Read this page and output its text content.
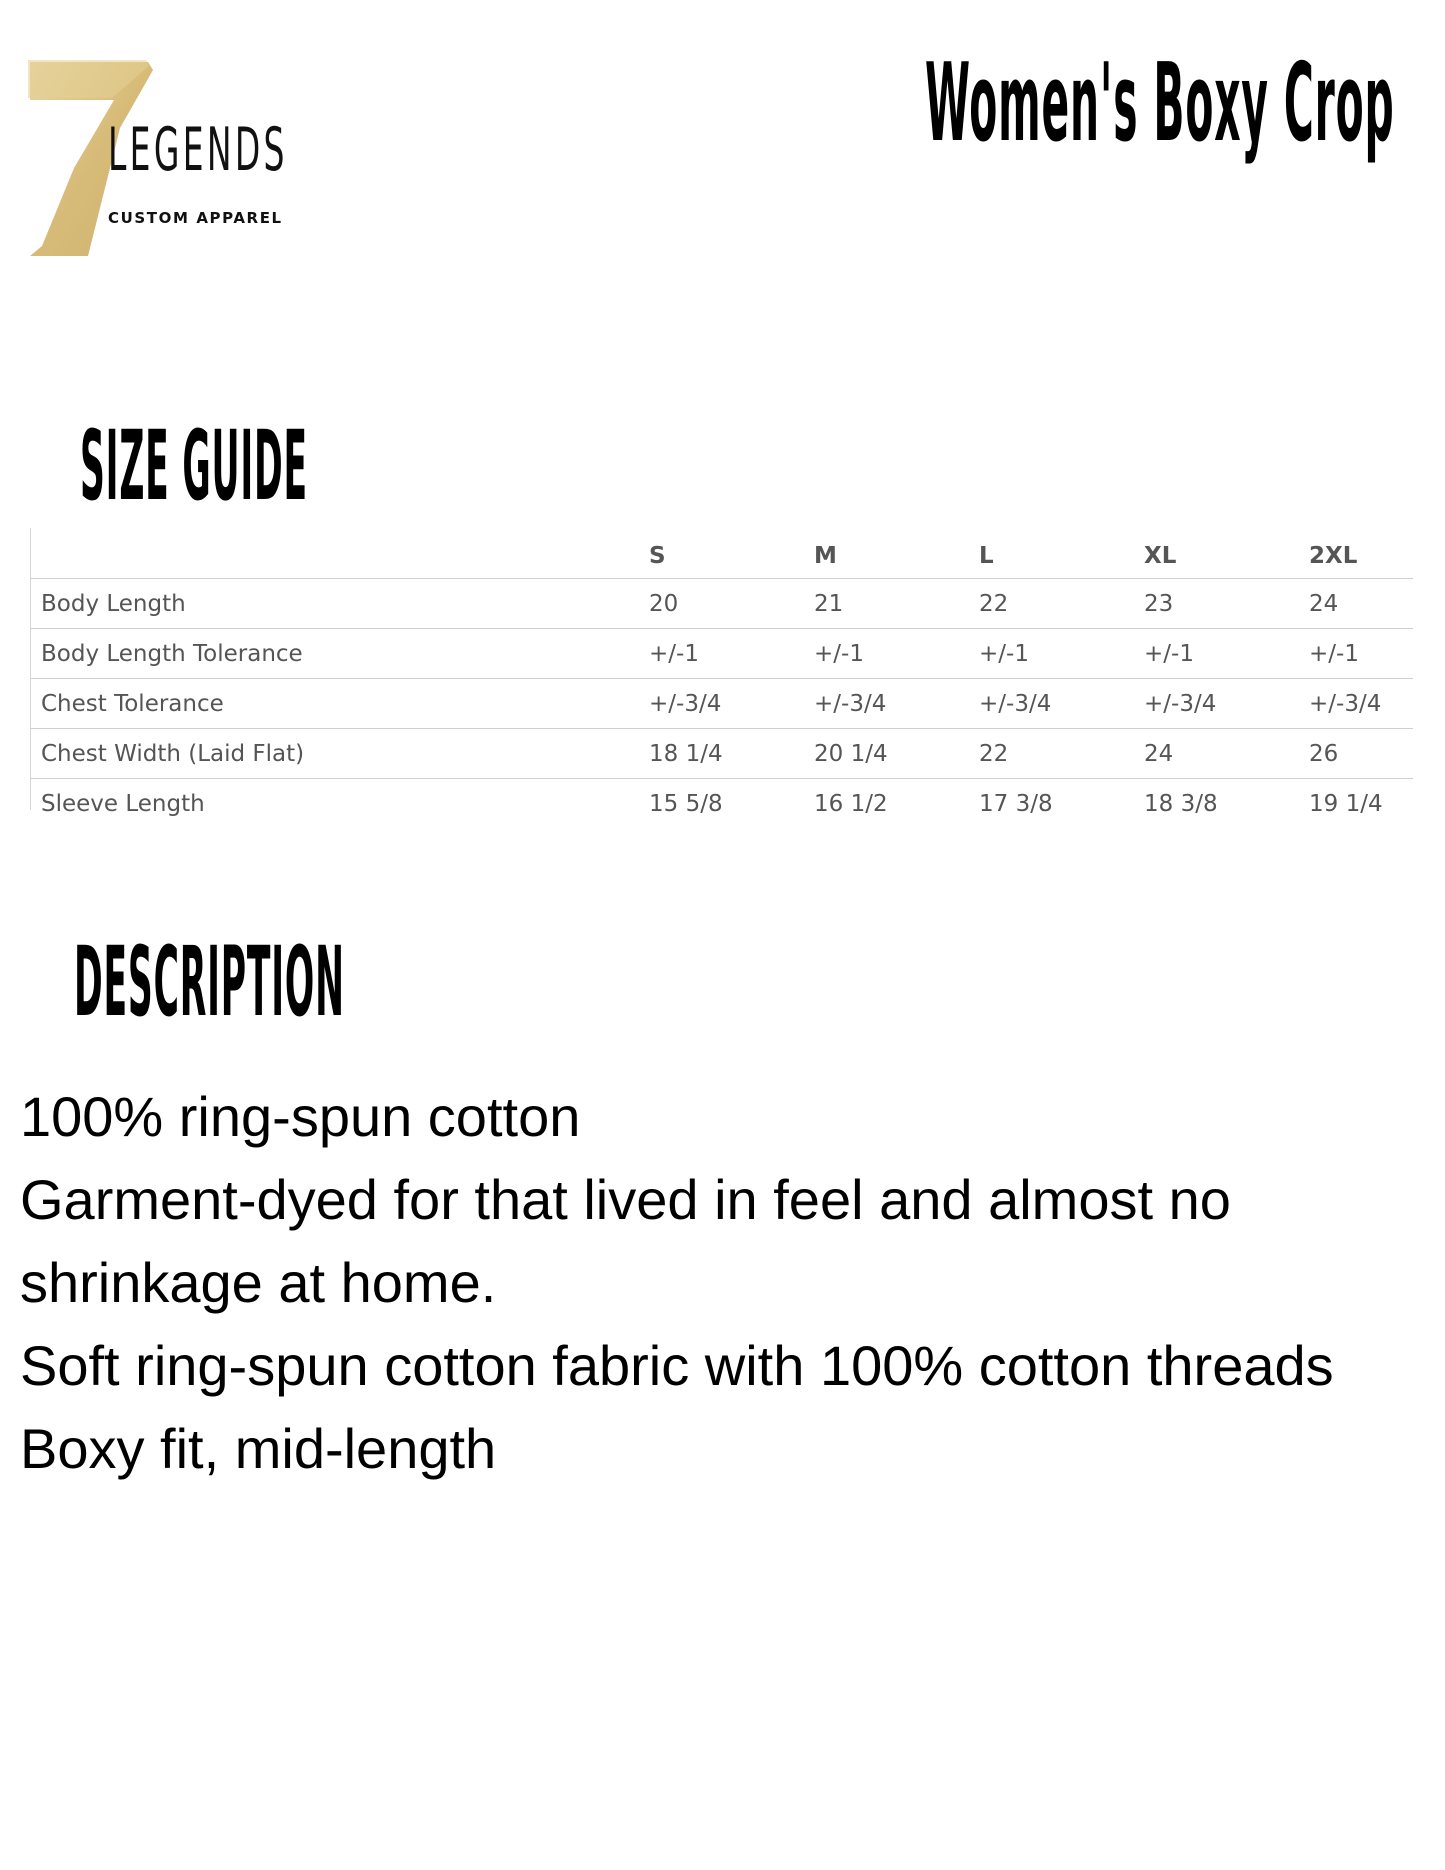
LEGENDS
CUSTOM APPAREL
Women's Boxy Crop
SIZE GUIDE
	S	M	L	XL	2XL
Body Length	20	21	22	23	24
Body Length Tolerance	+/-1	+/-1	+/-1	+/-1	+/-1
Chest Tolerance	+/-3/4	+/-3/4	+/-3/4	+/-3/4	+/-3/4
Chest Width (Laid Flat)	18 1/4	20 1/4	22	24	26
Sleeve Length	15 5/8	16 1/2	17 3/8	18 3/8	19 1/4
DESCRIPTION
100% ring-spun cotton
Garment-dyed for that lived in feel and almost no
shrinkage at home.
Soft ring-spun cotton fabric with 100% cotton threads
Boxy fit, mid-length
